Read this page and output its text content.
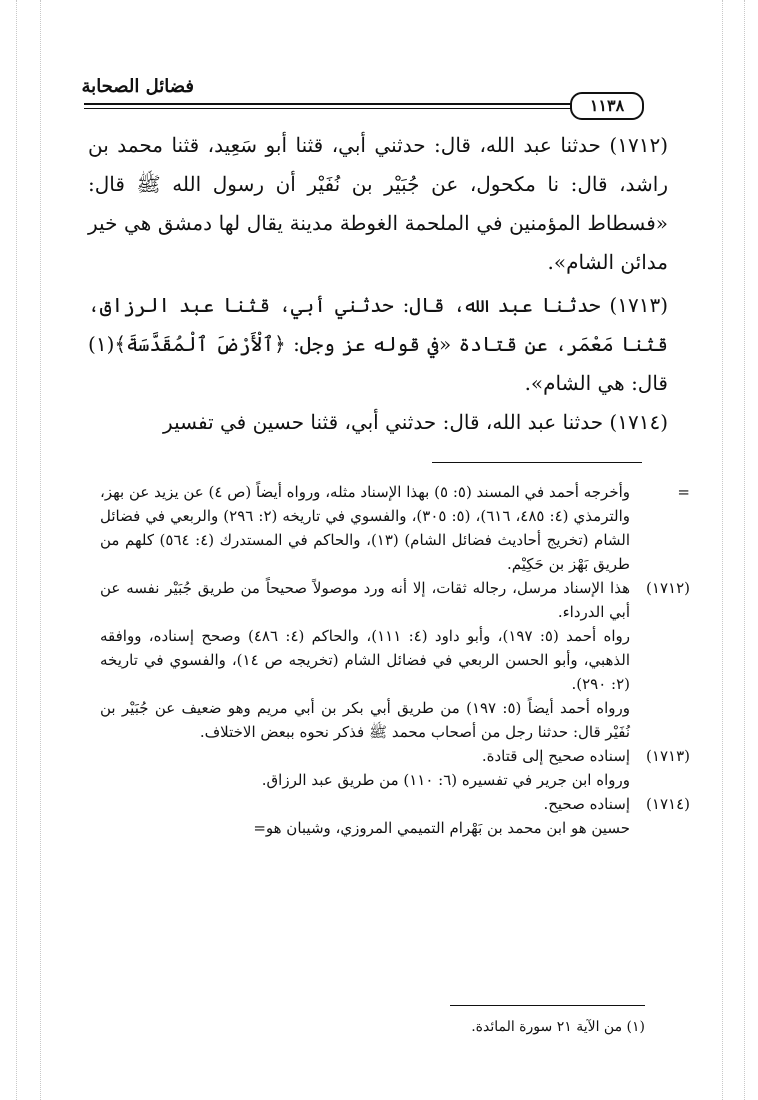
فضائل الصحابة
١١٣٨

(١٧١٢) حدثنا عبد الله، قال: حدثني أبي، قثنا أبو سَعِيد، قثنا محمد بن راشد، قال: نا مكحول، عن جُبَيْر بن نُفَيْر أن رسول الله ﷺ قال: «فسطاط المؤمنين في الملحمة الغوطة مدينة يقال لها دمشق هي خير مدائن الشام».

(١٧١٣) حدثنا عبد الله، قال: حدثني أبي، قثنا عبد الرزاق، قثنا مَعْمَر، عن قتادة «في قوله عز وجل: ﴿ٱلْأَرْضَ ٱلْمُقَدَّسَةَ﴾(١) قال: هي الشام».

(١٧١٤) حدثنا عبد الله، قال: حدثني أبي، قثنا حسين في تفسير

=

وأخرجه أحمد في المسند (٥: ٥) بهذا الإسناد مثله، ورواه أيضاً (ص ٤) عن يزيد عن بهز، والترمذي (٤: ٤٨٥، ٦١٦)، (٥: ٣٠٥)، والفسوي في تاريخه (٢: ٢٩٦) والربعي في فضائل الشام (تخريج أحاديث فضائل الشام) (١٣)، والحاكم في المستدرك (٤: ٥٦٤) كلهم من طريق بَهْز بن حَكِيْم.

(١٧١٢)

هذا الإسناد مرسل، رجاله ثقات، إلا أنه ورد موصولاً صحيحاً من طريق جُبَيْر نفسه عن أبي الدرداء.

رواه أحمد (٥: ١٩٧)، وأبو داود (٤: ١١١)، والحاكم (٤: ٤٨٦) وصحح إسناده، ووافقه الذهبي، وأبو الحسن الربعي في فضائل الشام (تخريجه ص ١٤)، والفسوي في تاريخه (٢: ٢٩٠).

ورواه أحمد أيضاً (٥: ١٩٧) من طريق أبي بكر بن أبي مريم وهو ضعيف عن جُبَيْر بن نُفَيْر قال: حدثنا رجل من أصحاب محمد ﷺ فذكر نحوه ببعض الاختلاف.

(١٧١٣)

إسناده صحيح إلى قتادة.

ورواه ابن جرير في تفسيره (٦: ١١٠) من طريق عبد الرزاق.

(١٧١٤)

إسناده صحيح.

حسين هو ابن محمد بن بَهْرام التميمي المروزي، وشيبان هو=

(١) من الآية ٢١ سورة المائدة.
